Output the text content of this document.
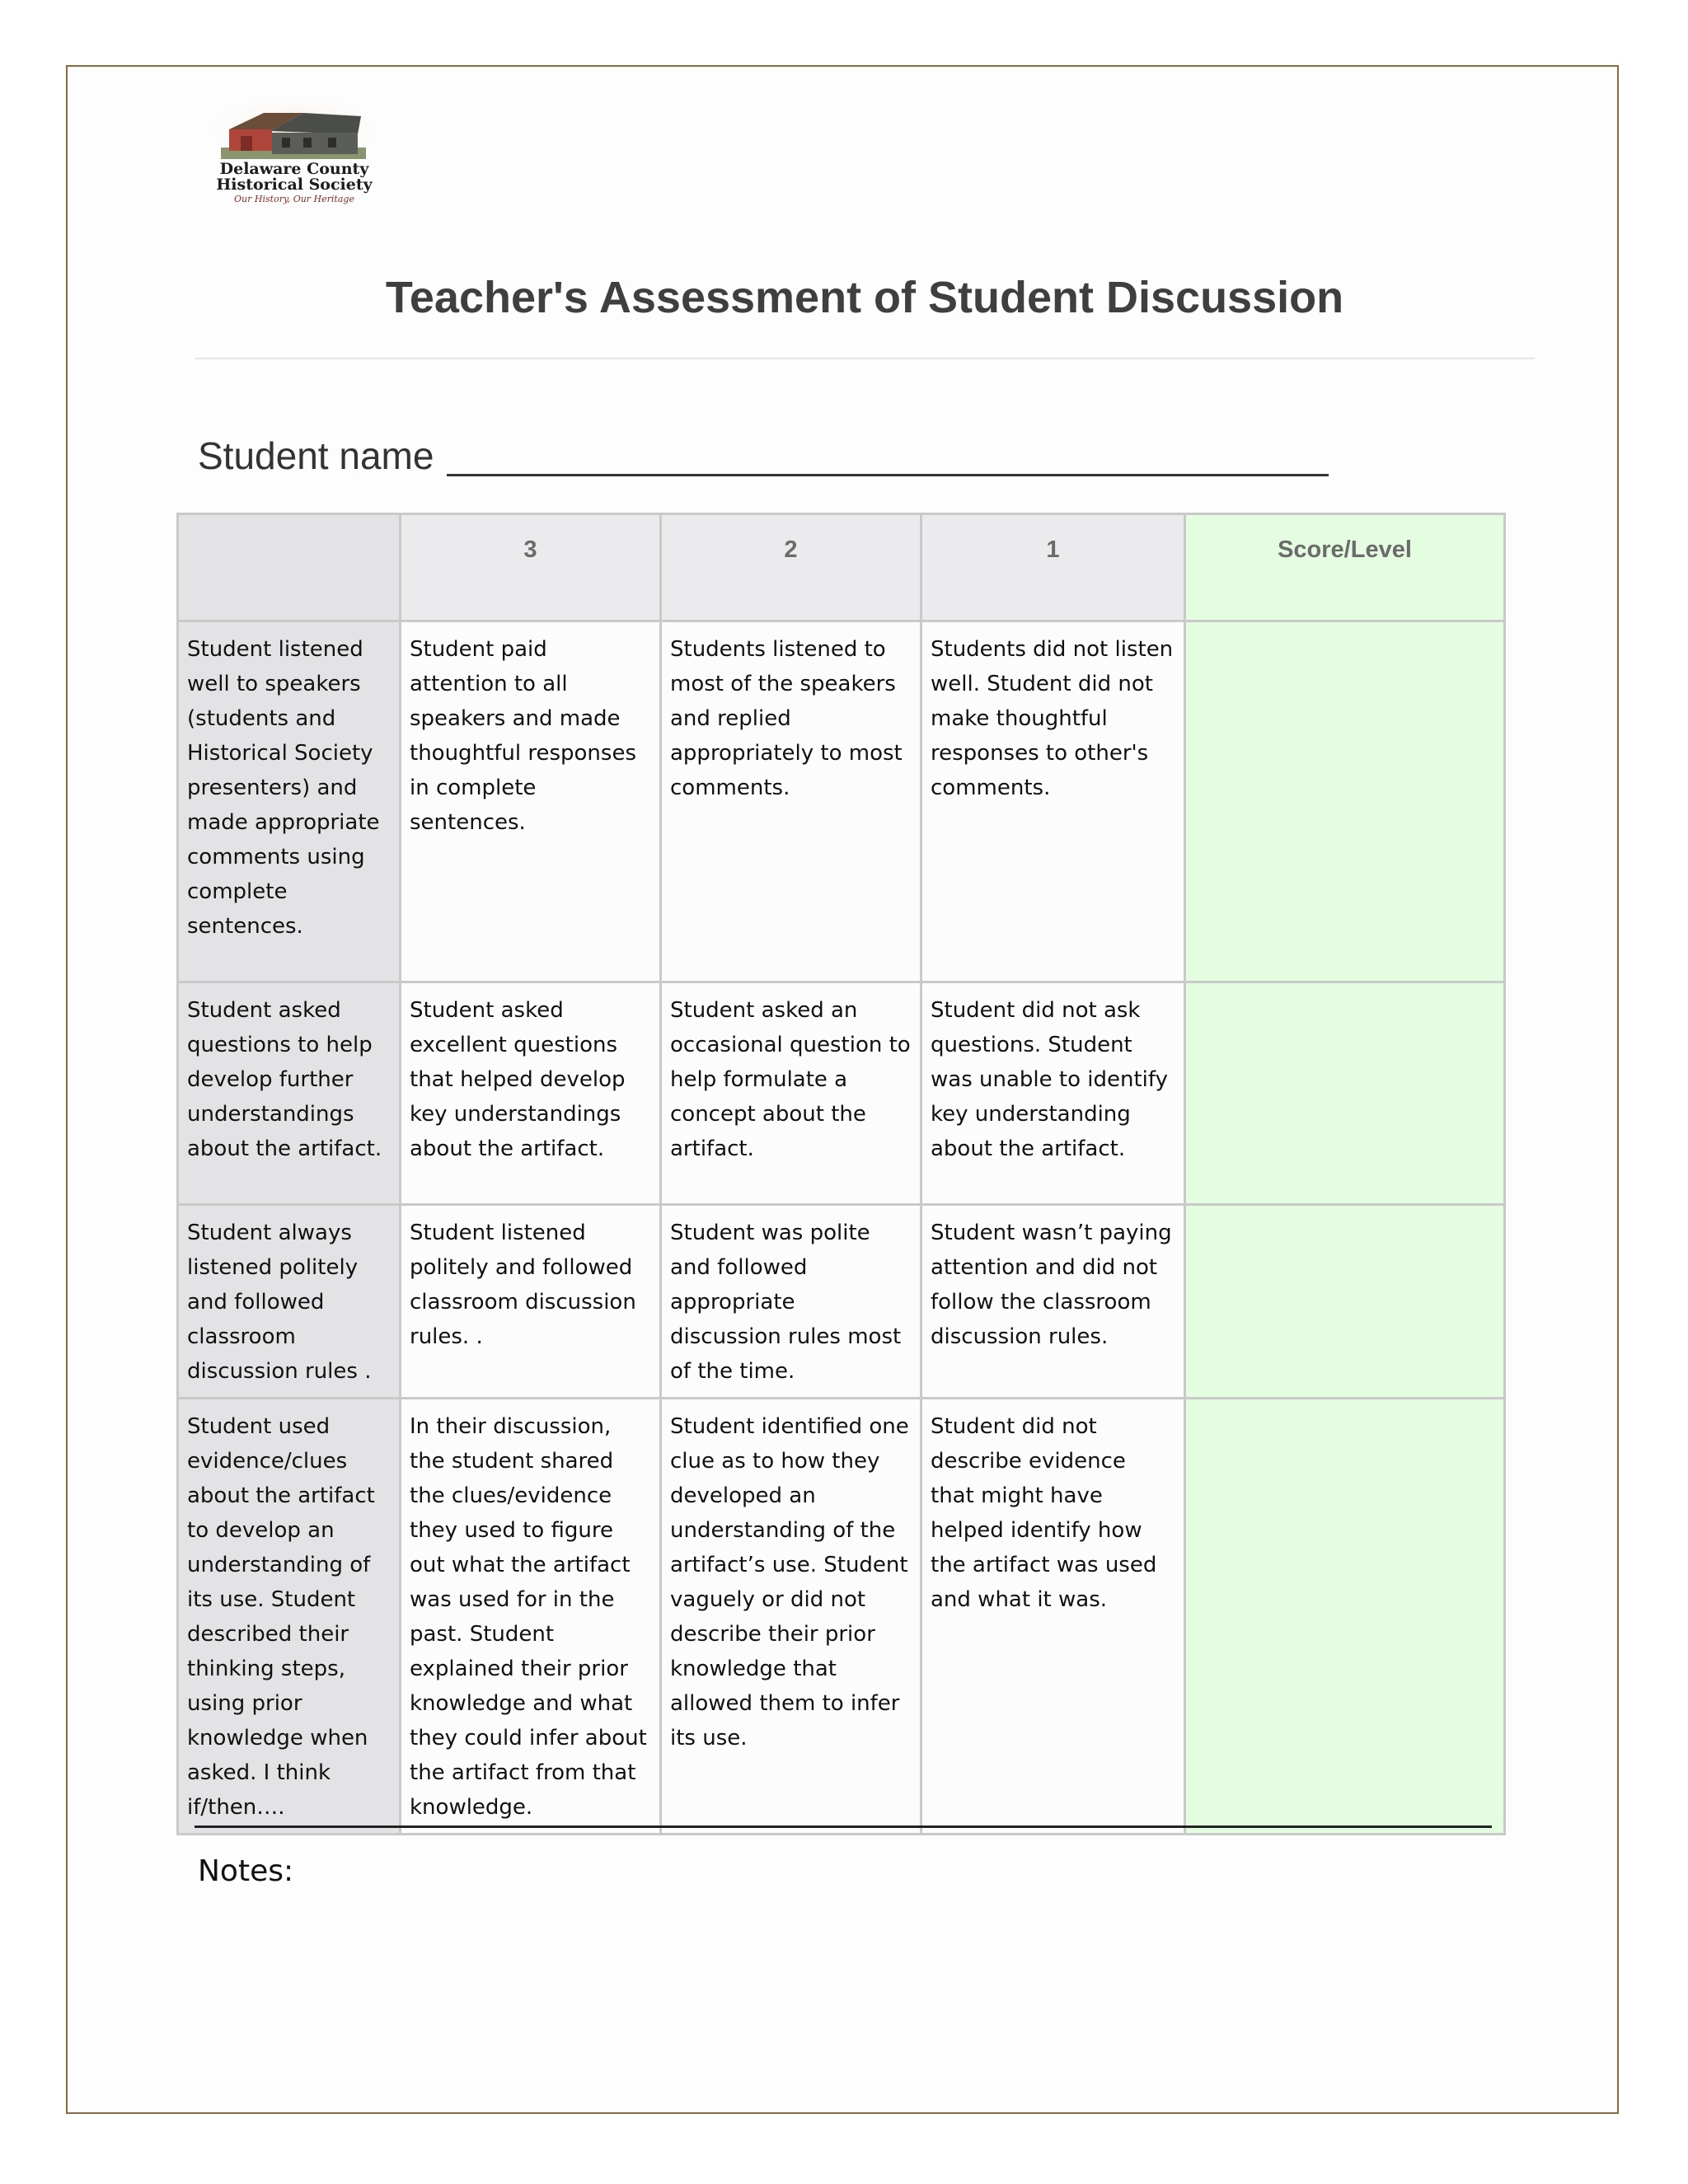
Delaware County
Historical Society
Our History, Our Heritage
Teacher's Assessment of Student Discussion
Student name
	3	2	1	Score/Level
Student listened well to speakers (students and Historical Society presenters) and made appropriate comments using complete sentences.	Student paid attention to all speakers and made thoughtful responses in complete sentences.	Students listened to most of the speakers and replied appropriately to most comments.	Students did not listen well. Student did not make thoughtful responses to other's comments.	
Student asked questions to help develop further understandings about the artifact.	Student asked excellent questions that helped develop key understandings about the artifact.	Student asked an occasional question to help formulate a concept about the artifact.	Student did not ask questions. Student was unable to identify key understanding about the artifact.	
Student always listened politely and followed classroom discussion rules .	Student listened politely and followed classroom discussion rules. .	Student was polite and followed appropriate discussion rules most of the time.	Student wasn’t paying attention and did not follow the classroom discussion rules.	
Student used evidence/clues about the artifact to develop an understanding of its use. Student described their thinking steps, using prior knowledge when asked. I think if/then….	In their discussion, the student shared the clues/evidence they used to figure out what the artifact was used for in the past. Student explained their prior knowledge and what they could infer about the artifact from that knowledge.	Student identified one clue as to how they developed an understanding of the artifact’s use. Student vaguely or did not describe their prior knowledge that allowed them to infer its use.	Student did not describe evidence that might have helped identify how the artifact was used and what it was.	
Notes:
